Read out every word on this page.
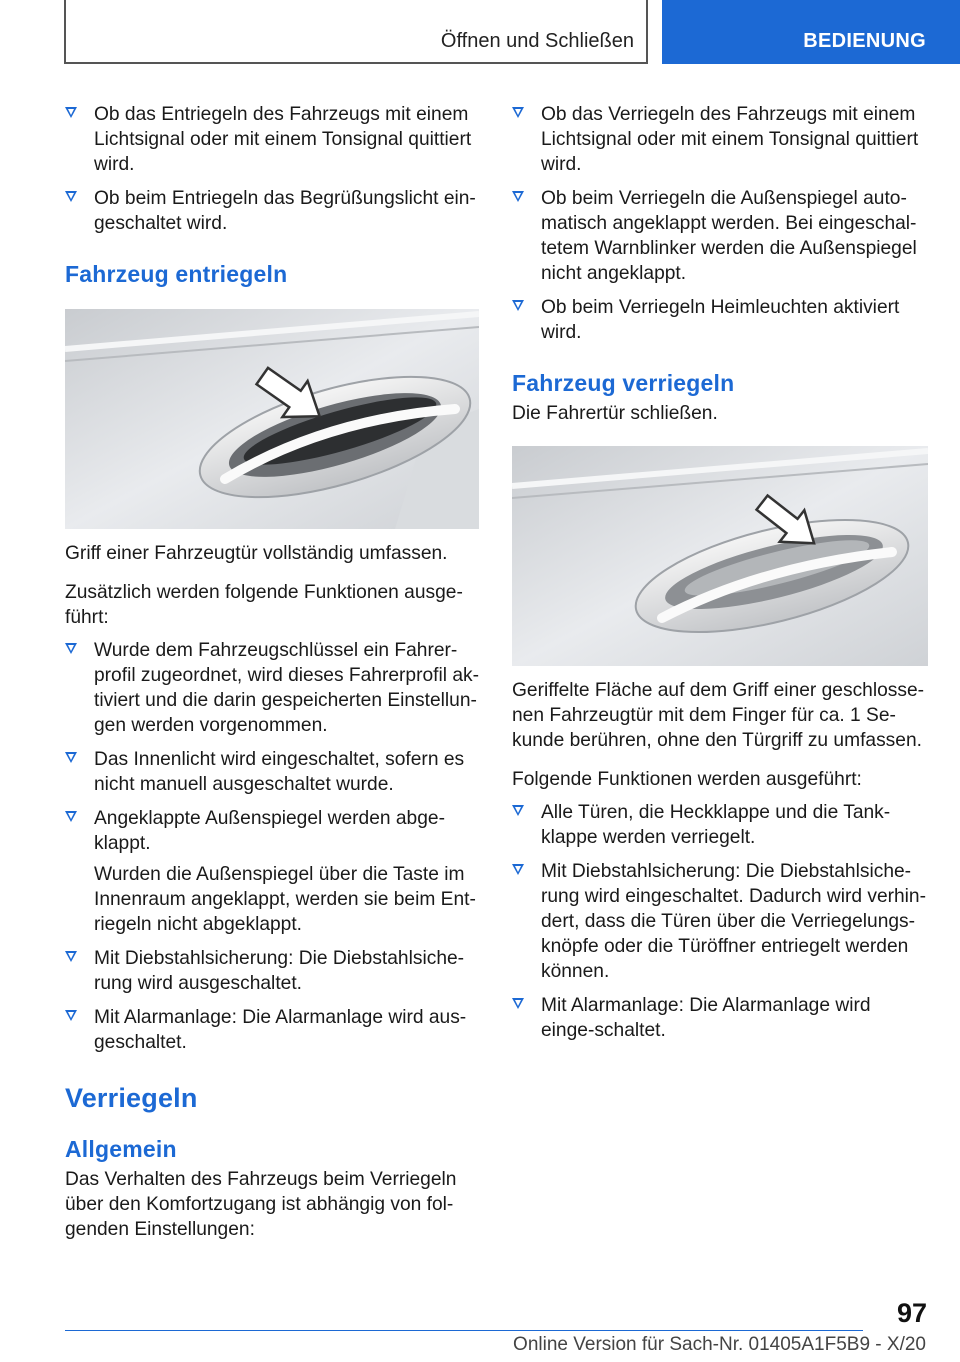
Öffnen und Schließen	BEDIENUNG
Ob das Entriegeln des Fahrzeugs mit einem Lichtsignal oder mit einem Tonsignal quittiert wird.
Ob beim Entriegeln das Begrüßungslicht ein-geschaltet wird.
Fahrzeug entriegeln

Griff einer Fahrzeugtür vollständig umfassen.

Zusätzlich werden folgende Funktionen ausge-führt:

Wurde dem Fahrzeugschlüssel ein Fahrer-profil zugeordnet, wird dieses Fahrerprofil ak-tiviert und die darin gespeicherten Einstellun-gen werden vorgenommen.
Das Innenlicht wird eingeschaltet, sofern es nicht manuell ausgeschaltet wurde.
Angeklappte Außenspiegel werden abge-klappt.
Wurden die Außenspiegel über die Taste im Innenraum angeklappt, werden sie beim Ent-riegeln nicht abgeklappt.
Mit Diebstahlsicherung: Die Diebstahlsiche-rung wird ausgeschaltet.
Mit Alarmanlage: Die Alarmanlage wird aus-geschaltet.
Verriegeln
Allgemein

Das Verhalten des Fahrzeugs beim Verriegeln über den Komfortzugang ist abhängig von fol-genden Einstellungen:

Ob das Verriegeln des Fahrzeugs mit einem Lichtsignal oder mit einem Tonsignal quittiert wird.
Ob beim Verriegeln die Außenspiegel auto-matisch angeklappt werden. Bei eingeschal-tetem Warnblinker werden die Außenspiegel nicht angeklappt.
Ob beim Verriegeln Heimleuchten aktiviert wird.
Fahrzeug verriegeln

Die Fahrertür schließen.

Geriffelte Fläche auf dem Griff einer geschlosse-nen Fahrzeugtür mit dem Finger für ca. 1 Se-kunde berühren, ohne den Türgriff zu umfassen.

Folgende Funktionen werden ausgeführt:

Alle Türen, die Heckklappe und die Tank-klappe werden verriegelt.
Mit Diebstahlsicherung: Die Diebstahlsiche-rung wird eingeschaltet. Dadurch wird verhin-dert, dass die Türen über die Verriegelungs-knöpfe oder die Türöffner entriegelt werden können.
Mit Alarmanlage: Die Alarmanlage wird einge-schaltet.
97
Online Version für Sach-Nr. 01405A1F5B9 - X/20
